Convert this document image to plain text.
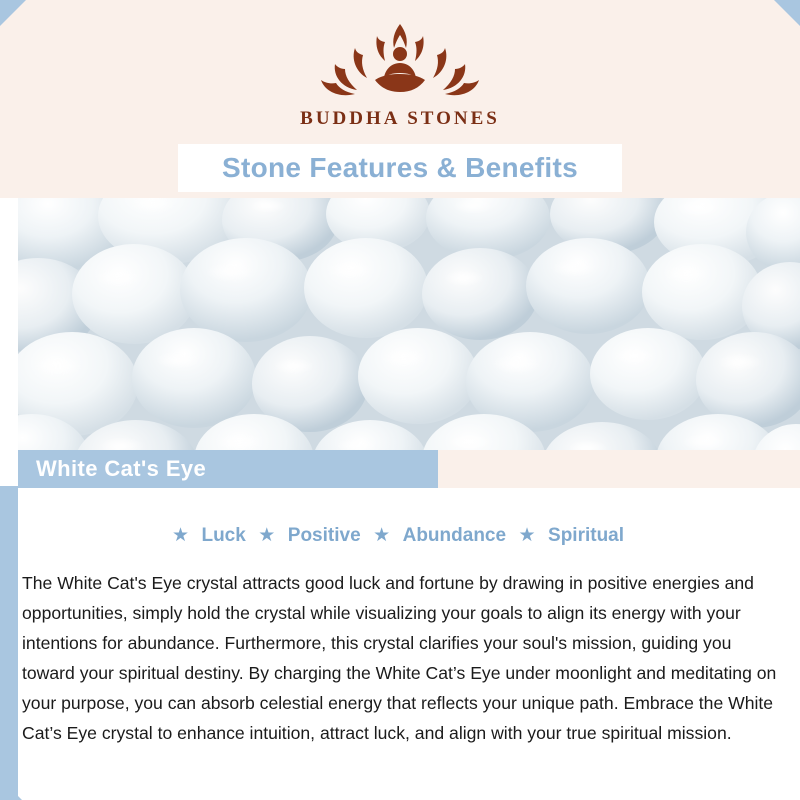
BUDDHA STONES
Stone Features & Benefits
White Cat's Eye
★ Luck ★ Positive ★ Abundance ★ Spiritual
The White Cat's Eye crystal attracts good luck and fortune by drawing in positive energies and opportunities, simply hold the crystal while visualizing your goals to align its energy with your intentions for abundance. Furthermore, this crystal clarifies your soul's mission, guiding you toward your spiritual destiny. By charging the White Cat’s Eye under moonlight and meditating on your purpose, you can absorb celestial energy that reflects your unique path. Embrace the White Cat’s Eye crystal to enhance intuition, attract luck, and align with your true spiritual mission.
